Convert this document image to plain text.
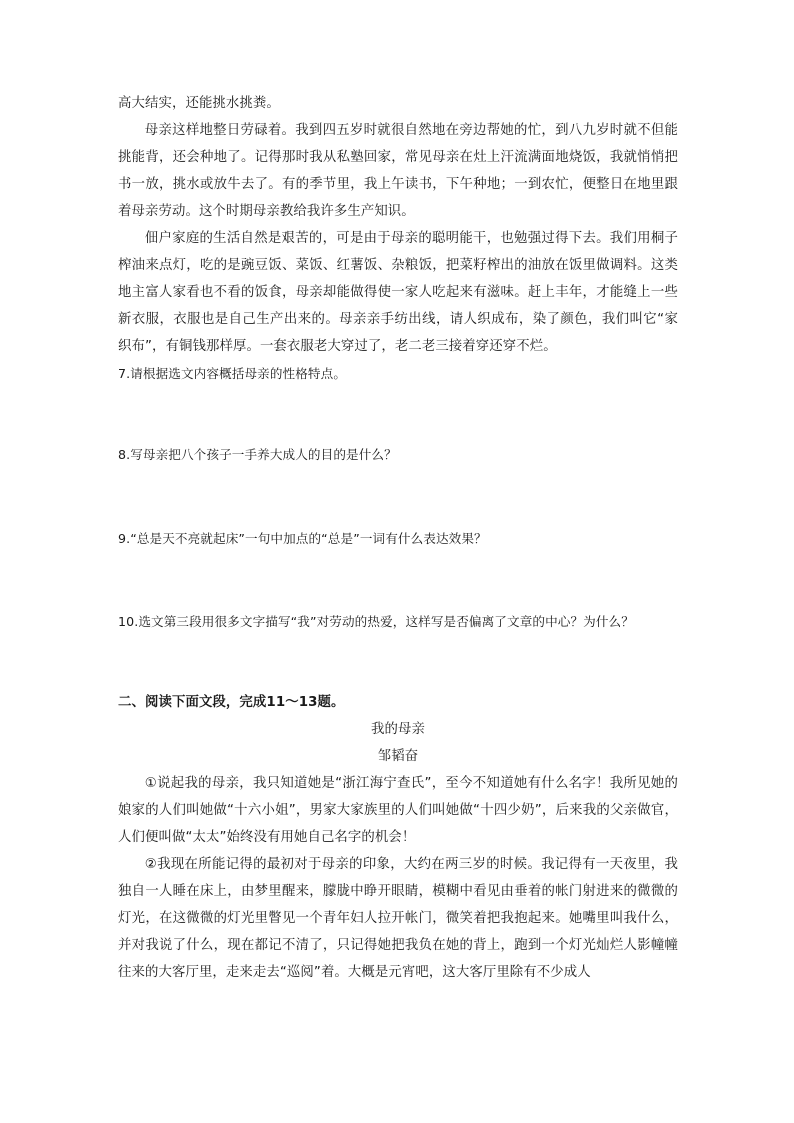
高大结实，还能挑水挑粪。

母亲这样地整日劳碌着。我到四五岁时就很自然地在旁边帮她的忙，到八九岁时就不但能挑能背，还会种地了。记得那时我从私塾回家，常见母亲在灶上汗流满面地烧饭，我就悄悄把书一放，挑水或放牛去了。有的季节里，我上午读书，下午种地；一到农忙，便整日在地里跟着母亲劳动。这个时期母亲教给我许多生产知识。

佃户家庭的生活自然是艰苦的，可是由于母亲的聪明能干，也勉强过得下去。我们用桐子榨油来点灯，吃的是豌豆饭、菜饭、红薯饭、杂粮饭，把菜籽榨出的油放在饭里做调料。这类地主富人家看也不看的饭食，母亲却能做得使一家人吃起来有滋味。赶上丰年，才能缝上一些新衣服，衣服也是自己生产出来的。母亲亲手纺出线，请人织成布，染了颜色，我们叫它“家织布”，有铜钱那样厚。一套衣服老大穿过了，老二老三接着穿还穿不烂。

7.请根据选文内容概括母亲的性格特点。

8.写母亲把八个孩子一手养大成人的目的是什么？

9.“总是天不亮就起床”一句中加点的“总是”一词有什么表达效果？

10.选文第三段用很多文字描写“我”对劳动的热爱，这样写是否偏离了文章的中心？为什么？

二、阅读下面文段，完成11～13题。

我的母亲

邹韬奋

①说起我的母亲，我只知道她是“浙江海宁查氏”，至今不知道她有什么名字！我所见她的娘家的人们叫她做“十六小姐”，男家大家族里的人们叫她做“十四少奶”，后来我的父亲做官，人们便叫做“太太”始终没有用她自己名字的机会！

②我现在所能记得的最初对于母亲的印象，大约在两三岁的时候。我记得有一天夜里，我独自一人睡在床上，由梦里醒来，朦胧中睁开眼睛，模糊中看见由垂着的帐门射进来的微微的灯光，在这微微的灯光里瞥见一个青年妇人拉开帐门，微笑着把我抱起来。她嘴里叫我什么，并对我说了什么，现在都记不清了，只记得她把我负在她的背上，跑到一个灯光灿烂人影幢幢往来的大客厅里，走来走去“巡阅”着。大概是元宵吧，这大客厅里除有不少成人
